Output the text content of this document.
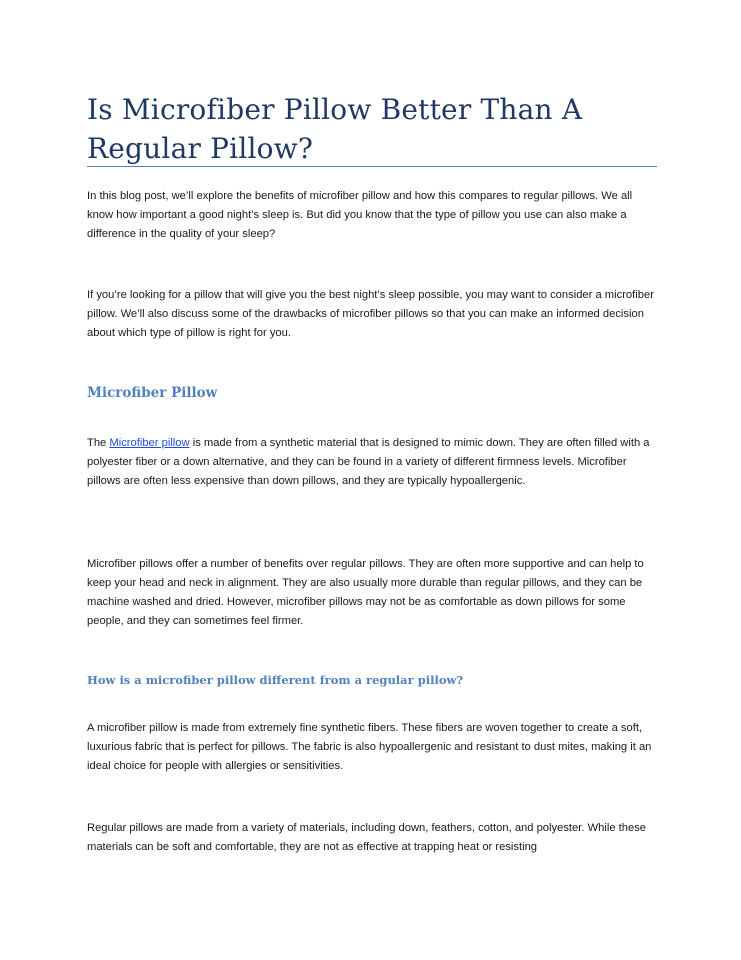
Is Microfiber Pillow Better Than A Regular Pillow?

In this blog post, we’ll explore the benefits of microfiber pillow and how this compares to regular pillows. We all know how important a good night’s sleep is. But did you know that the type of pillow you use can also make a difference in the quality of your sleep?

If you’re looking for a pillow that will give you the best night’s sleep possible, you may want to consider a microfiber pillow. We’ll also discuss some of the drawbacks of microfiber pillows so that you can make an informed decision about which type of pillow is right for you.

Microfiber Pillow

The Microfiber pillow is made from a synthetic material that is designed to mimic down. They are often filled with a polyester fiber or a down alternative, and they can be found in a variety of different firmness levels. Microfiber pillows are often less expensive than down pillows, and they are typically hypoallergenic.

Microfiber pillows offer a number of benefits over regular pillows. They are often more supportive and can help to keep your head and neck in alignment. They are also usually more durable than regular pillows, and they can be machine washed and dried. However, microfiber pillows may not be as comfortable as down pillows for some people, and they can sometimes feel firmer.

How is a microfiber pillow different from a regular pillow?

A microfiber pillow is made from extremely fine synthetic fibers. These fibers are woven together to create a soft, luxurious fabric that is perfect for pillows. The fabric is also hypoallergenic and resistant to dust mites, making it an ideal choice for people with allergies or sensitivities.

Regular pillows are made from a variety of materials, including down, feathers, cotton, and polyester. While these materials can be soft and comfortable, they are not as effective at trapping heat or resisting
